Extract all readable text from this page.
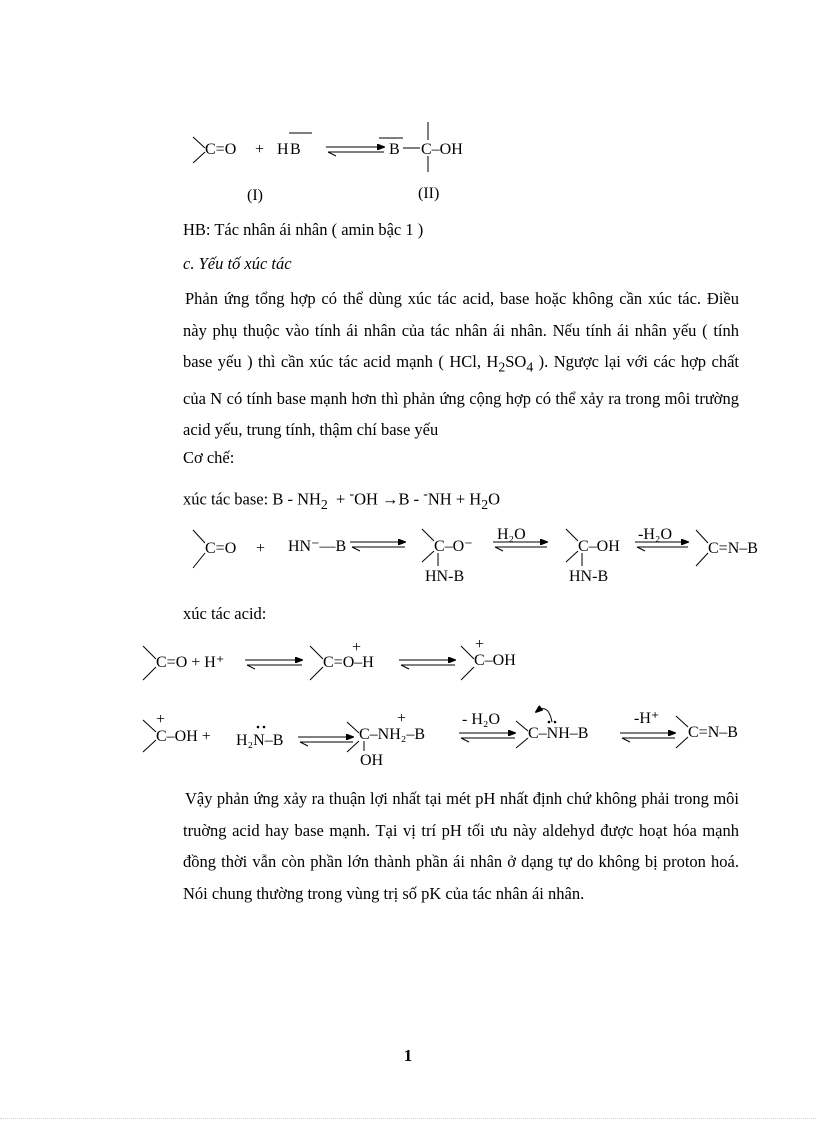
C=O + H B	B C–OH
(I)	(II)
C=O + HN⁻—B	C–O⁻
HN-B
H₂O
C–OH
HN-B
-H₂O
C=N–B
C=O + H⁺
+
C=O–H
+
C–OH
+
C–OH + H₂N–B
+
C–NH₂–B
OH
- H₂O
C–NH–B
-H⁺
C=N–B
HB: Tác nhân ái nhân ( amin bậc 1 )
c. Yếu tố xúc tác
Phản ứng tổng hợp có thể dùng xúc tác acid, base hoặc không cần xúc tác. Điều này phụ thuộc vào tính ái nhân của tác nhân ái nhân. Nếu tính ái nhân yếu ( tính base yếu ) thì cần xúc tác acid mạnh ( HCl, $H_2SO_4$ ). Ngược lại với các hợp chất của N có tính base mạnh hơn thì phản ứng cộng hợp có thể xảy ra trong môi trường acid yếu, trung tính, thậm chí base yếu
Cơ chế:
xúc tác base: $B - NH_2 + ^-OH \to B - ^-NH + H_2O$
xúc tác acid:
Vậy phản ứng xảy ra thuận lợi nhất tại mét pH nhất định chứ không phải trong môi truờng acid hay base mạnh. Tại vị trí pH tối ưu này aldehyd được hoạt hóa mạnh đồng thời vẫn còn phần lớn thành phần ái nhân ở dạng tự do không bị proton hoá. Nói chung thường trong vùng trị số pK của tác nhân ái nhân.
1
